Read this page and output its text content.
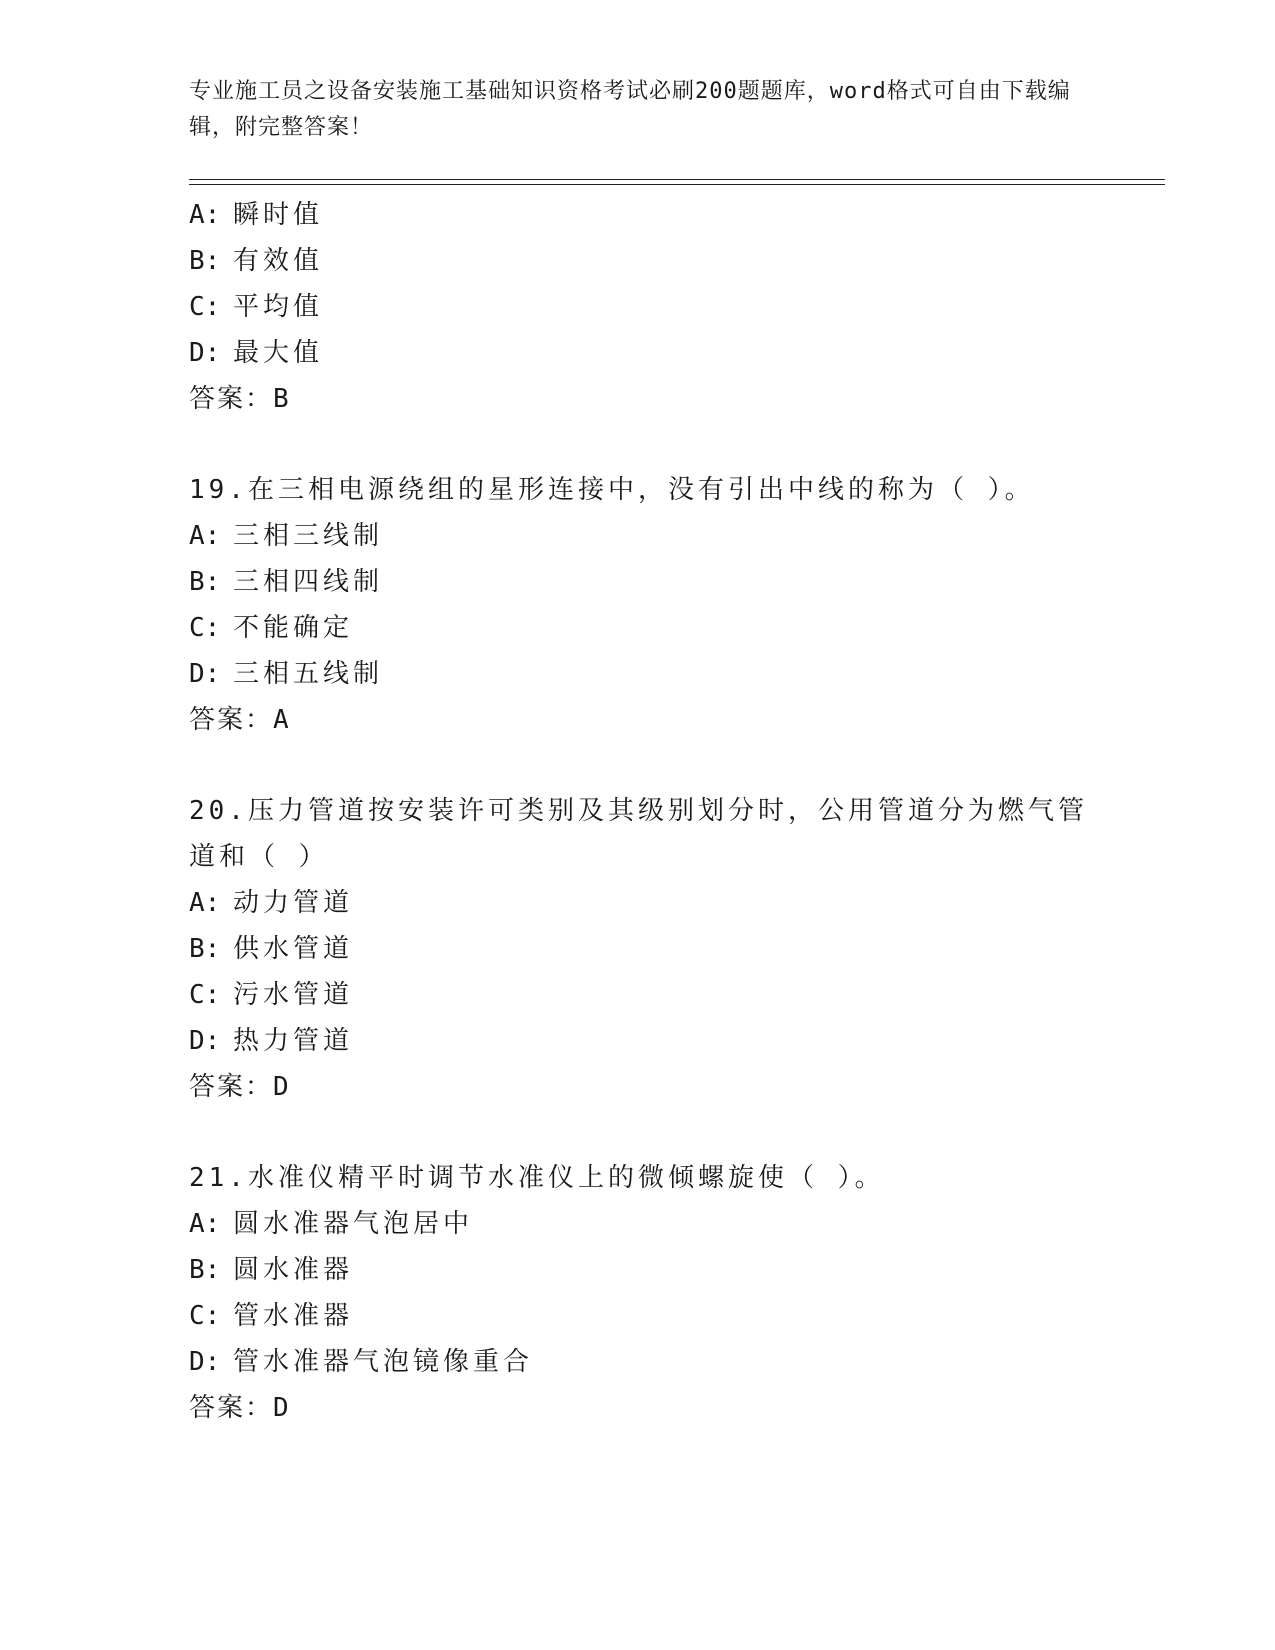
专业施工员之设备安装施工基础知识资格考试必刷200题题库，word格式可自由下载编辑，附完整答案！
A: 瞬时值
B: 有效值
C: 平均值
D: 最大值
答案：B
19.在三相电源绕组的星形连接中，没有引出中线的称为（ ）。
A: 三相三线制
B: 三相四线制
C: 不能确定
D: 三相五线制
答案：A
20.压力管道按安装许可类别及其级别划分时，公用管道分为燃气管道和（ ）
A: 动力管道
B: 供水管道
C: 污水管道
D: 热力管道
答案：D
21.水准仪精平时调节水准仪上的微倾螺旋使（ ）。
A: 圆水准器气泡居中
B: 圆水准器
C: 管水准器
D: 管水准器气泡镜像重合
答案：D
